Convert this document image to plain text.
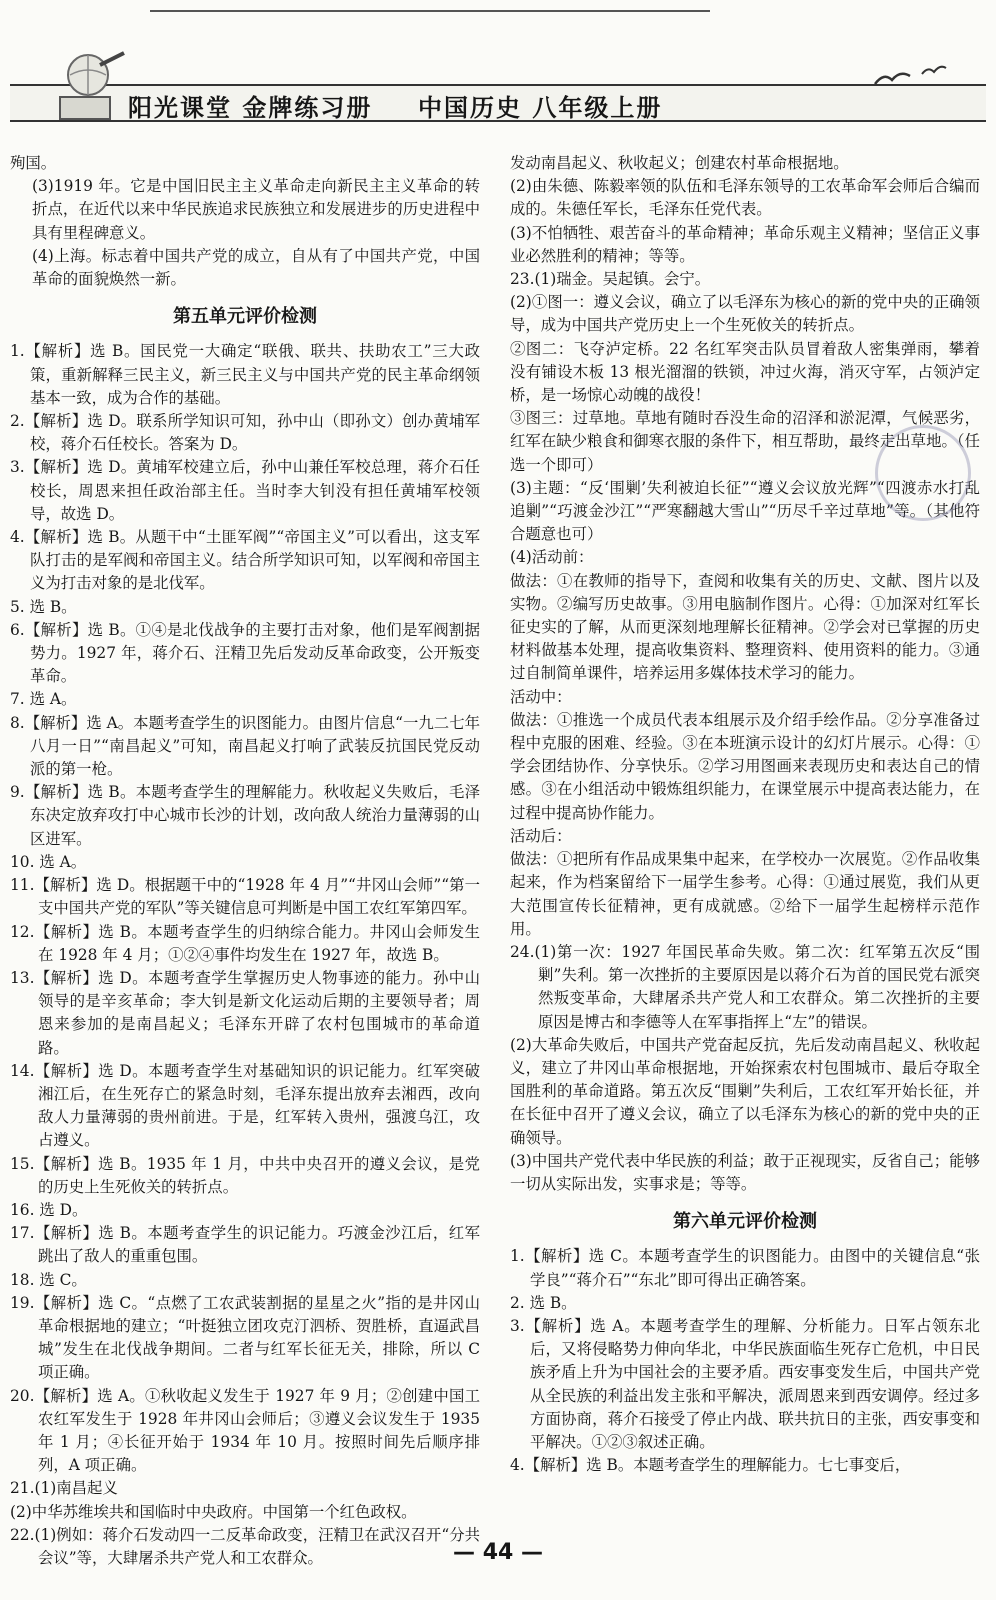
阳光课堂 金牌练习册 中国历史 八年级上册

殉国。

(3)1919 年。它是中国旧民主主义革命走向新民主主义革命的转折点，在近代以来中华民族追求民族独立和发展进步的历史进程中具有里程碑意义。

(4)上海。标志着中国共产党的成立，自从有了中国共产党，中国革命的面貌焕然一新。

第五单元评价检测

1.【解析】选 B。国民党一大确定“联俄、联共、扶助农工”三大政策，重新解释三民主义，新三民主义与中国共产党的民主革命纲领基本一致，成为合作的基础。

2.【解析】选 D。联系所学知识可知，孙中山（即孙文）创办黄埔军校，蒋介石任校长。答案为 D。

3.【解析】选 D。黄埔军校建立后，孙中山兼任军校总理，蒋介石任校长，周恩来担任政治部主任。当时李大钊没有担任黄埔军校领导，故选 D。

4.【解析】选 B。从题干中“土匪军阀”“帝国主义”可以看出，这支军队打击的是军阀和帝国主义。结合所学知识可知，以军阀和帝国主义为打击对象的是北伐军。

5. 选 B。

6.【解析】选 B。①④是北伐战争的主要打击对象，他们是军阀割据势力。1927 年，蒋介石、汪精卫先后发动反革命政变，公开叛变革命。

7. 选 A。

8.【解析】选 A。本题考查学生的识图能力。由图片信息“一九二七年八月一日”“南昌起义”可知，南昌起义打响了武装反抗国民党反动派的第一枪。

9.【解析】选 B。本题考查学生的理解能力。秋收起义失败后，毛泽东决定放弃攻打中心城市长沙的计划，改向敌人统治力量薄弱的山区进军。

10. 选 A。

11.【解析】选 D。根据题干中的“1928 年 4 月”“井冈山会师”“第一支中国共产党的军队”等关键信息可判断是中国工农红军第四军。

12.【解析】选 B。本题考查学生的归纳综合能力。井冈山会师发生在 1928 年 4 月；①②④事件均发生在 1927 年，故选 B。

13.【解析】选 D。本题考查学生掌握历史人物事迹的能力。孙中山领导的是辛亥革命；李大钊是新文化运动后期的主要领导者；周恩来参加的是南昌起义；毛泽东开辟了农村包围城市的革命道路。

14.【解析】选 D。本题考查学生对基础知识的识记能力。红军突破湘江后，在生死存亡的紧急时刻，毛泽东提出放弃去湘西，改向敌人力量薄弱的贵州前进。于是，红军转入贵州，强渡乌江，攻占遵义。

15.【解析】选 B。1935 年 1 月，中共中央召开的遵义会议，是党的历史上生死攸关的转折点。

16. 选 D。

17.【解析】选 B。本题考查学生的识记能力。巧渡金沙江后，红军跳出了敌人的重重包围。

18. 选 C。

19.【解析】选 C。“点燃了工农武装割据的星星之火”指的是井冈山革命根据地的建立；“叶挺独立团攻克汀泗桥、贺胜桥，直逼武昌城”发生在北伐战争期间。二者与红军长征无关，排除，所以 C 项正确。

20.【解析】选 A。①秋收起义发生于 1927 年 9 月；②创建中国工农红军发生于 1928 年井冈山会师后；③遵义会议发生于 1935 年 1 月；④长征开始于 1934 年 10 月。按照时间先后顺序排列，A 项正确。

21.(1)南昌起义

(2)中华苏维埃共和国临时中央政府。中国第一个红色政权。

22.(1)例如：蒋介石发动四一二反革命政变，汪精卫在武汉召开“分共会议”等，大肆屠杀共产党人和工农群众。

发动南昌起义、秋收起义；创建农村革命根据地。

(2)由朱德、陈毅率领的队伍和毛泽东领导的工农革命军会师后合编而成的。朱德任军长，毛泽东任党代表。

(3)不怕牺牲、艰苦奋斗的革命精神；革命乐观主义精神；坚信正义事业必然胜利的精神；等等。

23.(1)瑞金。吴起镇。会宁。

(2)①图一：遵义会议，确立了以毛泽东为核心的新的党中央的正确领导，成为中国共产党历史上一个生死攸关的转折点。

②图二：飞夺泸定桥。22 名红军突击队员冒着敌人密集弹雨，攀着没有铺设木板 13 根光溜溜的铁锁，冲过火海，消灭守军，占领泸定桥，是一场惊心动魄的战役！

③图三：过草地。草地有随时吞没生命的沼泽和淤泥潭，气候恶劣，红军在缺少粮食和御寒衣服的条件下，相互帮助，最终走出草地。（任选一个即可）

(3)主题：“反‘围剿’失利被迫长征”“遵义会议放光辉”“四渡赤水打乱追剿”“巧渡金沙江”“严寒翻越大雪山”“历尽千辛过草地”等。（其他符合题意也可）

(4)活动前：

做法：①在教师的指导下，查阅和收集有关的历史、文献、图片以及实物。②编写历史故事。③用电脑制作图片。心得：①加深对红军长征史实的了解，从而更深刻地理解长征精神。②学会对已掌握的历史材料做基本处理，提高收集资料、整理资料、使用资料的能力。③通过自制简单课件，培养运用多媒体技术学习的能力。

活动中：

做法：①推选一个成员代表本组展示及介绍手绘作品。②分享准备过程中克服的困难、经验。③在本班演示设计的幻灯片展示。心得：①学会团结协作、分享快乐。②学习用图画来表现历史和表达自己的情感。③在小组活动中锻炼组织能力，在课堂展示中提高表达能力，在过程中提高协作能力。

活动后：

做法：①把所有作品成果集中起来，在学校办一次展览。②作品收集起来，作为档案留给下一届学生参考。心得：①通过展览，我们从更大范围宣传长征精神，更有成就感。②给下一届学生起榜样示范作用。

24.(1)第一次：1927 年国民革命失败。第二次：红军第五次反“围剿”失利。第一次挫折的主要原因是以蒋介石为首的国民党右派突然叛变革命，大肆屠杀共产党人和工农群众。第二次挫折的主要原因是博古和李德等人在军事指挥上“左”的错误。

(2)大革命失败后，中国共产党奋起反抗，先后发动南昌起义、秋收起义，建立了井冈山革命根据地，开始探索农村包围城市、最后夺取全国胜利的革命道路。第五次反“围剿”失利后，工农红军开始长征，并在长征中召开了遵义会议，确立了以毛泽东为核心的新的党中央的正确领导。

(3)中国共产党代表中华民族的利益；敢于正视现实，反省自己；能够一切从实际出发，实事求是；等等。

第六单元评价检测

1.【解析】选 C。本题考查学生的识图能力。由图中的关键信息“张学良”“蒋介石”“东北”即可得出正确答案。

2. 选 B。

3.【解析】选 A。本题考查学生的理解、分析能力。日军占领东北后，又将侵略势力伸向华北，中华民族面临生死存亡危机，中日民族矛盾上升为中国社会的主要矛盾。西安事变发生后，中国共产党从全民族的利益出发主张和平解决，派周恩来到西安调停。经过多方面协商，蒋介石接受了停止内战、联共抗日的主张，西安事变和平解决。①②③叙述正确。

4.【解析】选 B。本题考查学生的理解能力。七七事变后，

— 44 —
